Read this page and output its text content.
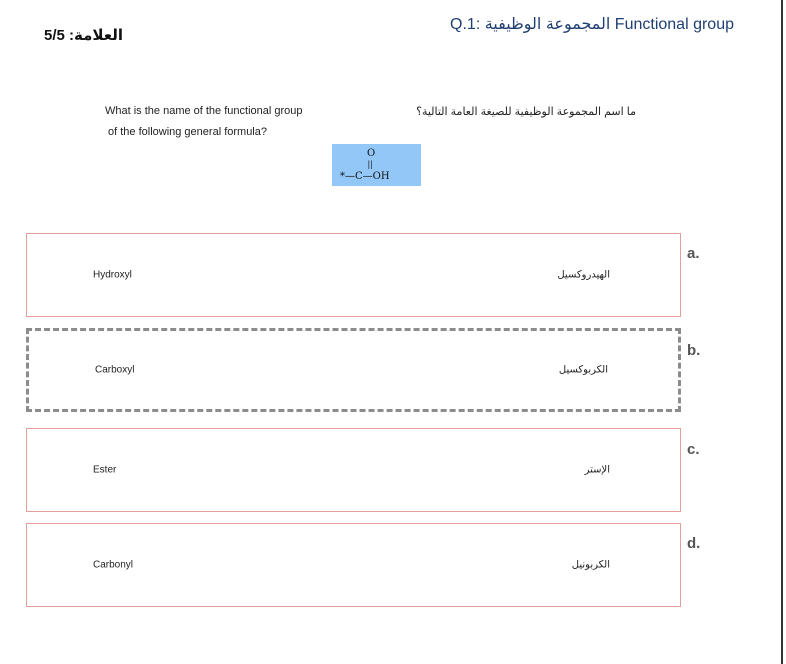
Q.1: المجموعة الوظيفية Functional group
العلامة: 5/5
What is the name of the functional group
of the following general formula?
ما اسم المجموعة الوظيفية للصيغة العامة التالية؟
O
||
*—C—OH
Hydroxyl	الهيدروكسيل
a.
Carboxyl	الكربوكسيل
b.
Ester	الإستر
c.
Carbonyl	الكربونيل
d.
